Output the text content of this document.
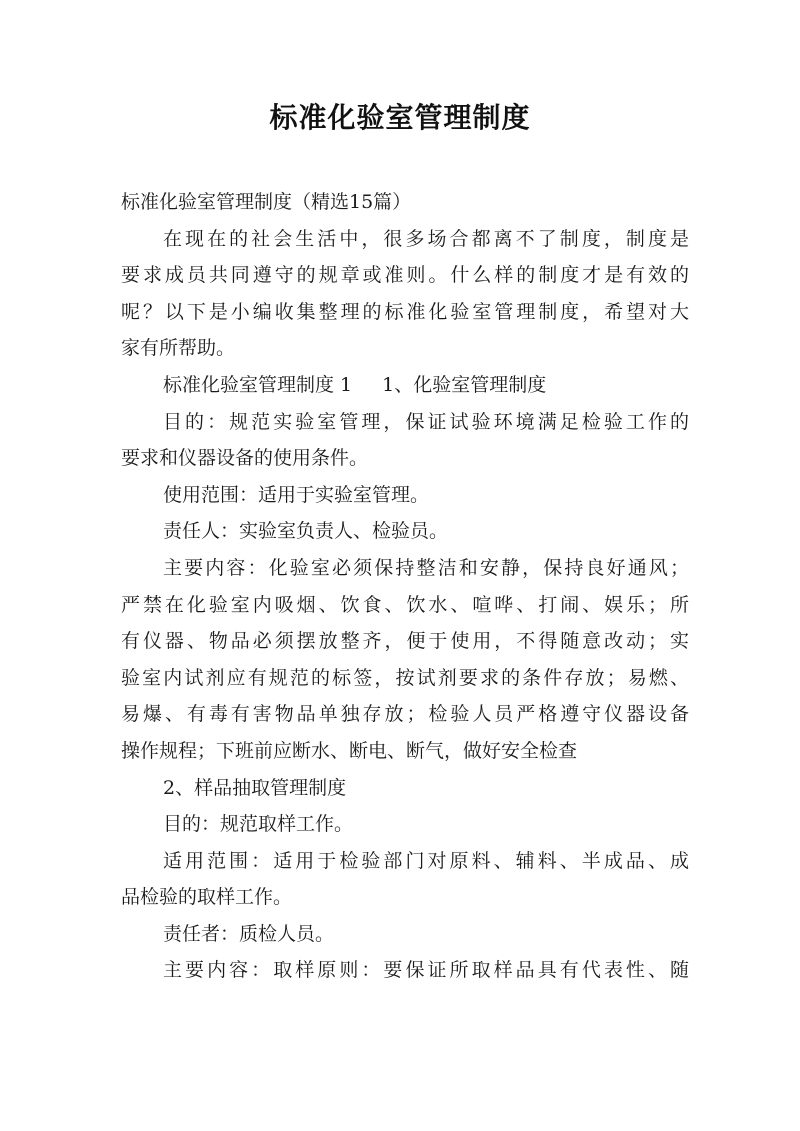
标准化验室管理制度

标准化验室管理制度（精选15篇）

在现在的社会生活中，很多场合都离不了制度，制度是

要求成员共同遵守的规章或准则。什么样的制度才是有效的

呢？以下是小编收集整理的标准化验室管理制度，希望对大

家有所帮助。

标准化验室管理制度 1 1、化验室管理制度

目的：规范实验室管理，保证试验环境满足检验工作的

要求和仪器设备的使用条件。

使用范围：适用于实验室管理。

责任人：实验室负责人、检验员。

主要内容：化验室必须保持整洁和安静，保持良好通风；

严禁在化验室内吸烟、饮食、饮水、喧哗、打闹、娱乐；所

有仪器、物品必须摆放整齐，便于使用，不得随意改动；实

验室内试剂应有规范的标签，按试剂要求的条件存放；易燃、

易爆、有毒有害物品单独存放；检验人员严格遵守仪器设备

操作规程；下班前应断水、断电、断气，做好安全检查

2、样品抽取管理制度

目的：规范取样工作。

适用范围：适用于检验部门对原料、辅料、半成品、成

品检验的取样工作。

责任者：质检人员。

主要内容：取样原则：要保证所取样品具有代表性、随
